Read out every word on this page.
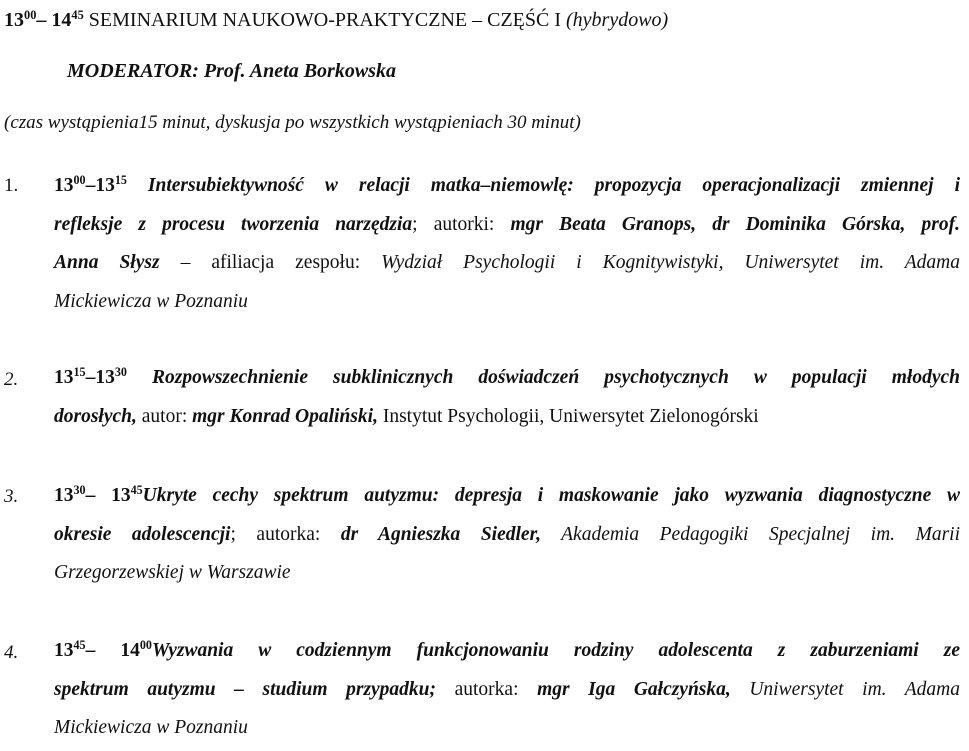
$13^{00}-$ $14^{45}$ SEMINARIUM NAUKOWO-PRAKTYCZNE – CZĘŚĆ I (hybrydowo)
MODERATOR: Prof. Aneta Borkowska
(czas wystąpienia15 minut, dyskusja po wszystkich wystąpieniach 30 minut)
1. $13^{00}-13^{15}$ Intersubiektywność w relacji matka–niemowlę: propozycja operacjonalizacji zmiennej i
refleksje z procesu tworzenia narzędzia; autorki: mgr Beata Granops, dr Dominika Górska, prof.
Anna Słysz – afiliacja zespołu: Wydział Psychologii i Kognitywistyki, Uniwersytet im. Adama
Mickiewicza w Poznaniu
2. $13^{15}-13^{30}$ Rozpowszechnienie subklinicznych doświadczeń psychotycznych w populacji młodych
dorosłych, autor: mgr Konrad Opaliński, Instytut Psychologii, Uniwersytet Zielonogórski
3. $13^{30}-$ $13^{45}Ukryte$ cechy spektrum autyzmu: depresja i maskowanie jako wyzwania diagnostyczne w
okresie adolescencji; autorka: dr Agnieszka Siedler, Akademia Pedagogiki Specjalnej im. Marii
Grzegorzewskiej w Warszawie
4. $13^{45}-$ $14^{00}Wyzwania$ w codziennym funkcjonowaniu rodziny adolescenta z zaburzeniami ze
spektrum autyzmu – studium przypadku; autorka: mgr Iga Gałczyńska, Uniwersytet im. Adama
Mickiewicza w Poznaniu
